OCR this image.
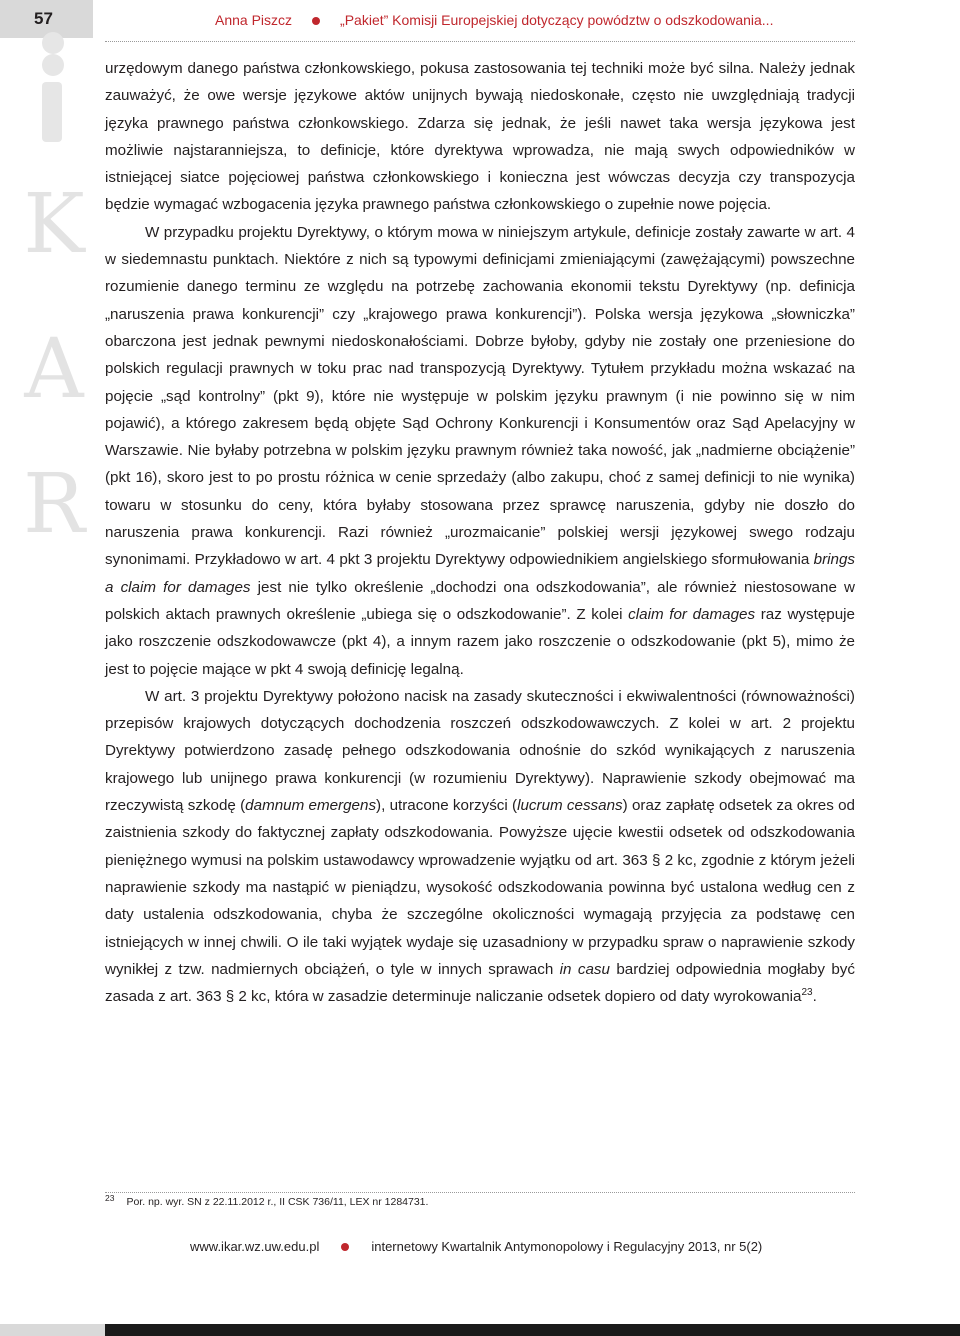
57	Anna Piszcz	„Pakiet” Komisji Europejskiej dotyczący powództw o odszkodowania...
K
A
R

urzędowym danego państwa członkowskiego, pokusa zastosowania tej techniki może być silna. Należy jednak zauważyć, że owe wersje językowe aktów unijnych bywają niedoskonałe, często nie uwzględniają tradycji języka prawnego państwa członkowskiego. Zdarza się jednak, że jeśli nawet taka wersja językowa jest możliwie najstaranniejsza, to definicje, które dyrektywa wprowadza, nie mają swych odpowiedników w istniejącej siatce pojęciowej państwa członkowskiego i konieczna jest wówczas decyzja czy transpozycja będzie wymagać wzbogacenia języka prawnego państwa członkowskiego o zupełnie nowe pojęcia.

W przypadku projektu Dyrektywy, o którym mowa w niniejszym artykule, definicje zostały zawarte w art. 4 w siedemnastu punktach. Niektóre z nich są typowymi definicjami zmieniającymi (zawężającymi) powszechne rozumienie danego terminu ze względu na potrzebę zachowania ekonomii tekstu Dyrektywy (np. definicja „naruszenia prawa konkurencji” czy „krajowego prawa konkurencji”). Polska wersja językowa „słowniczka” obarczona jest jednak pewnymi niedoskonałościami. Dobrze byłoby, gdyby nie zostały one przeniesione do polskich regulacji prawnych w toku prac nad transpozycją Dyrektywy. Tytułem przykładu można wskazać na pojęcie „sąd kontrolny” (pkt 9), które nie występuje w polskim języku prawnym (i nie powinno się w nim pojawić), a którego zakresem będą objęte Sąd Ochrony Konkurencji i Konsumentów oraz Sąd Apelacyjny w Warszawie. Nie byłaby potrzebna w polskim języku prawnym również taka nowość, jak „nadmierne obciążenie” (pkt 16), skoro jest to po prostu różnica w cenie sprzedaży (albo zakupu, choć z samej definicji to nie wynika) towaru w stosunku do ceny, która byłaby stosowana przez sprawcę naruszenia, gdyby nie doszło do naruszenia prawa konkurencji. Razi również „urozmaicanie” polskiej wersji językowej swego rodzaju synonimami. Przykładowo w art. 4 pkt 3 projektu Dyrektywy odpowiednikiem angielskiego sformułowania brings a claim for damages jest nie tylko określenie „dochodzi ona odszkodowania”, ale również niestosowane w polskich aktach prawnych określenie „ubiega się o odszkodowanie”. Z kolei claim for damages raz występuje jako roszczenie odszkodowawcze (pkt 4), a innym razem jako roszczenie o odszkodowanie (pkt 5), mimo że jest to pojęcie mające w pkt 4 swoją definicję legalną.

W art. 3 projektu Dyrektywy położono nacisk na zasady skuteczności i ekwiwalentności (równoważności) przepisów krajowych dotyczących dochodzenia roszczeń odszkodowawczych. Z kolei w art. 2 projektu Dyrektywy potwierdzono zasadę pełnego odszkodowania odnośnie do szkód wynikających z naruszenia krajowego lub unijnego prawa konkurencji (w rozumieniu Dyrektywy). Naprawienie szkody obejmować ma rzeczywistą szkodę (damnum emergens), utracone korzyści (lucrum cessans) oraz zapłatę odsetek za okres od zaistnienia szkody do faktycznej zapłaty odszkodowania. Powyższe ujęcie kwestii odsetek od odszkodowania pieniężnego wymusi na polskim ustawodawcy wprowadzenie wyjątku od art. 363 § 2 kc, zgodnie z którym jeżeli naprawienie szkody ma nastąpić w pieniądzu, wysokość odszkodowania powinna być ustalona według cen z daty ustalenia odszkodowania, chyba że szczególne okoliczności wymagają przyjęcia za podstawę cen istniejących w innej chwili. O ile taki wyjątek wydaje się uzasadniony w przypadku spraw o naprawienie szkody wynikłej z tzw. nadmiernych obciążeń, o tyle w innych sprawach in casu bardziej odpowiednia mogłaby być zasada z art. 363 § 2 kc, która w zasadzie determinuje naliczanie odsetek dopiero od daty wyrokowania$^{23}$.

$^{23}$ Por. np. wyr. SN z 22.11.2012 r., II CSK 736/11, LEX nr 1284731.
www.ikar.wz.uw.edu.pl	internetowy Kwartalnik Antymonopolowy i Regulacyjny 2013, nr 5(2)
